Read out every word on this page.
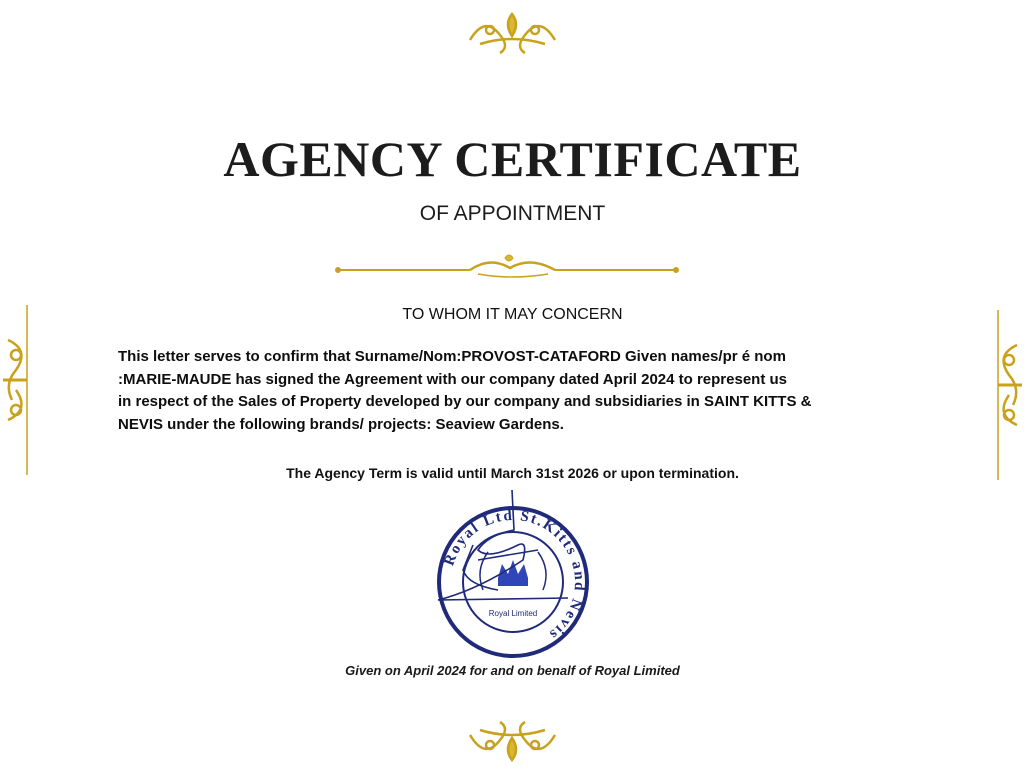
AGENCY CERTIFICATE
OF APPOINTMENT
TO WHOM IT MAY CONCERN

This letter serves to confirm that Surname/Nom:PROVOST-CATAFORD Given names/pr é nom

:MARIE-MAUDE has signed the Agreement with our company dated April 2024 to represent us

in respect of the Sales of Property developed by our company and subsidiaries in SAINT KITTS &

NEVIS under the following brands/ projects: Seaview Gardens.

The Agency Term is valid until March 31st 2026 or upon termination.
Royal Ltd St.Kitts and Nevis
Royal Limited
Given on April 2024 for and on benalf of Royal Limited
